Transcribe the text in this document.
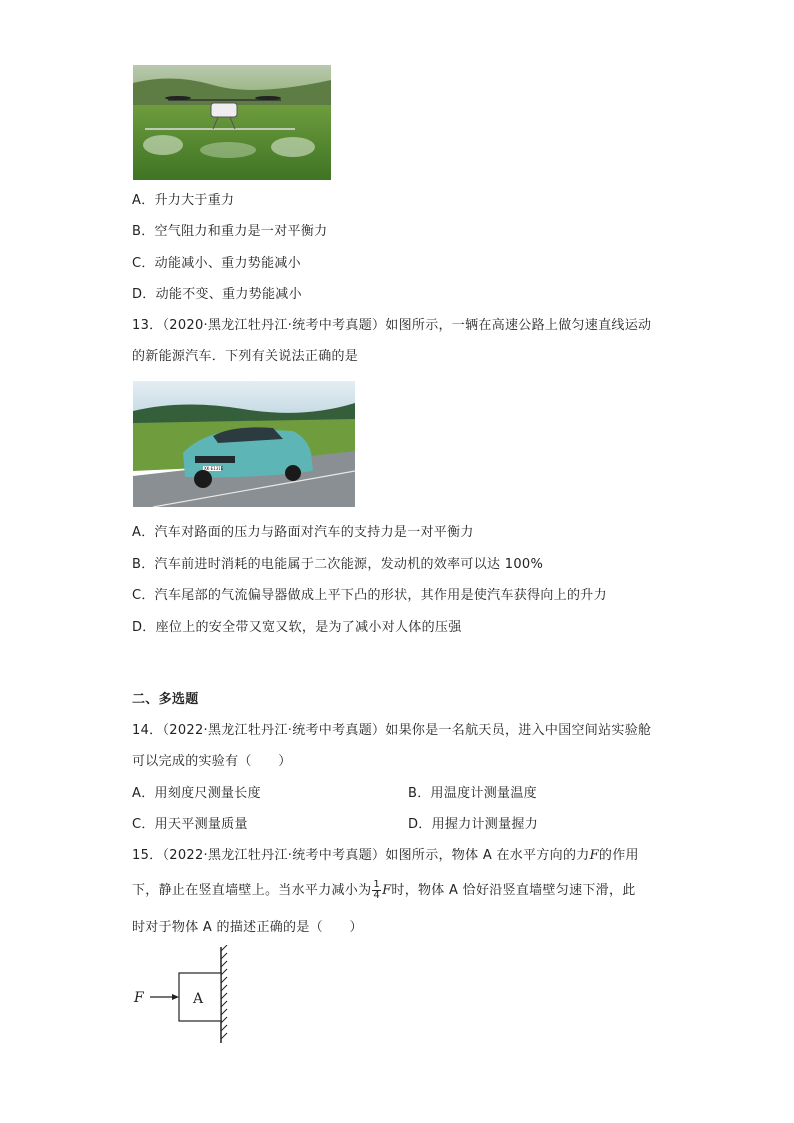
A．升力大于重力
B．空气阻力和重力是一对平衡力
C．动能减小、重力势能减小
D．动能不变、重力势能减小
13．（2020·黑龙江牡丹江·统考中考真题）如图所示，一辆在高速公路上做匀速直线运动
的新能源汽车．下列有关说法正确的是
XK·E131E
A．汽车对路面的压力与路面对汽车的支持力是一对平衡力
B．汽车前进时消耗的电能属于二次能源，发动机的效率可以达 100%
C．汽车尾部的气流偏导器做成上平下凸的形状，其作用是使汽车获得向上的升力
D．座位上的安全带又宽又软，是为了减小对人体的压强
二、多选题
14．（2022·黑龙江牡丹江·统考中考真题）如果你是一名航天员，进入中国空间站实验舱
可以完成的实验有（　　）
A．用刻度尺测量长度	B．用温度计测量温度
C．用天平测量质量	D．用握力计测量握力
15．（2022·黑龙江牡丹江·统考中考真题）如图所示，物体 A 在水平方向的力F的作用
下，静止在竖直墙壁上。当水平力减小为 $\frac{1}{4}$ F时，物体 A 恰好沿竖直墙壁匀速下滑，此
时对于物体 A 的描述正确的是（　　）
F	A
